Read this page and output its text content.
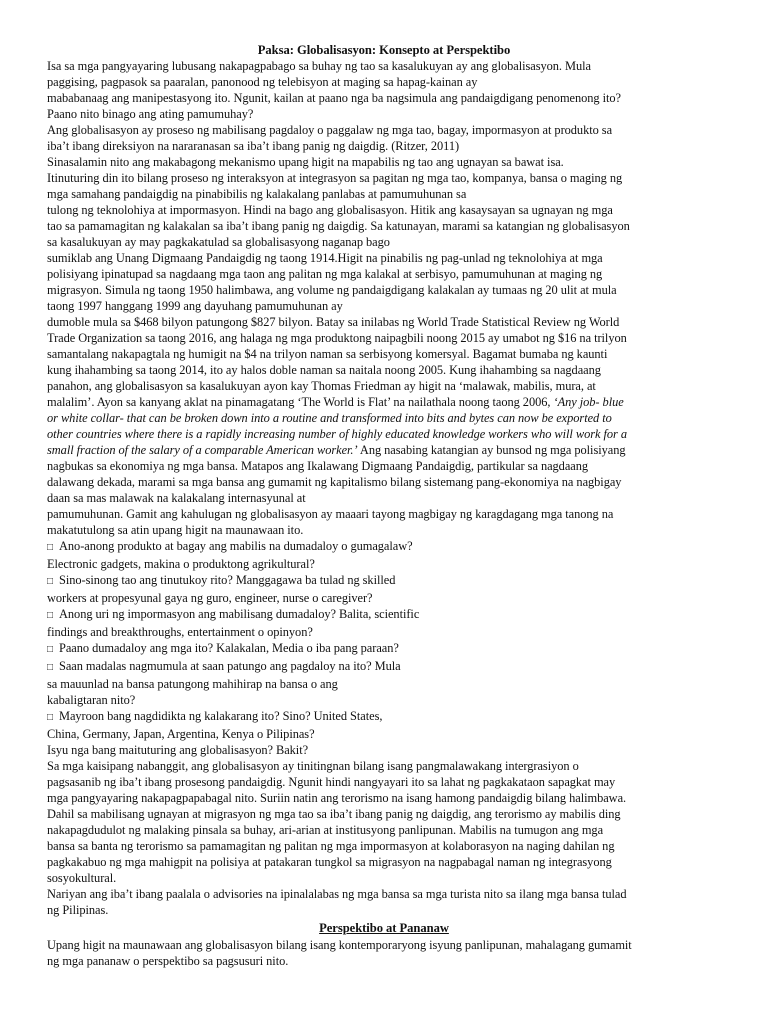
Paksa: Globalisasyon: Konsepto at Perspektibo

Isa sa mga pangyayaring lubusang nakapagpabago sa buhay ng tao sa kasalukuyan ay ang globalisasyon. Mula

paggising, pagpasok sa paaralan, panonood ng telebisyon at maging sa hapag-kainan ay

mababanaag ang manipestasyong ito. Ngunit, kailan at paano nga ba nagsimula ang pandaigdigang penomenong ito?

Paano nito binago ang ating pamumuhay?

Ang globalisasyon ay proseso ng mabilisang pagdaloy o paggalaw ng mga tao, bagay, impormasyon at produkto sa

iba’t ibang direksiyon na nararanasan sa iba’t ibang panig ng daigdig. (Ritzer, 2011)

Sinasalamin nito ang makabagong mekanismo upang higit na mapabilis ng tao ang ugnayan sa bawat isa.

Itinuturing din ito bilang proseso ng interaksyon at integrasyon sa pagitan ng mga tao, kompanya, bansa o maging ng

mga samahang pandaigdig na pinabibilis ng kalakalang panlabas at pamumuhunan sa

tulong ng teknolohiya at impormasyon. Hindi na bago ang globalisasyon. Hitik ang kasaysayan sa ugnayan ng mga

tao sa pamamagitan ng kalakalan sa iba’t ibang panig ng daigdig. Sa katunayan, marami sa katangian ng globalisasyon

sa kasalukuyan ay may pagkakatulad sa globalisasyong naganap bago

sumiklab ang Unang Digmaang Pandaigdig ng taong 1914.Higit na pinabilis ng pag-unlad ng teknolohiya at mga

polisiyang ipinatupad sa nagdaang mga taon ang palitan ng mga kalakal at serbisyo, pamumuhunan at maging ng

migrasyon. Simula ng taong 1950 halimbawa, ang volume ng pandaigdigang kalakalan ay tumaas ng 20 ulit at mula

taong 1997 hanggang 1999 ang dayuhang pamumuhunan ay

dumoble mula sa $468 bilyon patungong $827 bilyon. Batay sa inilabas ng World Trade Statistical Review ng World

Trade Organization sa taong 2016, ang halaga ng mga produktong naipagbili noong 2015 ay umabot ng $16 na trilyon

samantalang nakapagtala ng humigit na $4 na trilyon naman sa serbisyong komersyal. Bagamat bumaba ng kaunti

kung ihahambing sa taong 2014, ito ay halos doble naman sa naitala noong 2005. Kung ihahambing sa nagdaang

panahon, ang globalisasyon sa kasalukuyan ayon kay Thomas Friedman ay higit na ‘malawak, mabilis, mura, at

malalim’. Ayon sa kanyang aklat na pinamagatang ‘The World is Flat’ na nailathala noong taong 2006, ‘Any job- blue

or white collar- that can be broken down into a routine and transformed into bits and bytes can now be exported to

other countries where there is a rapidly increasing number of highly educated knowledge workers who will work for a

small fraction of the salary of a comparable American worker.’ Ang nasabing katangian ay bunsod ng mga polisiyang

nagbukas sa ekonomiya ng mga bansa. Matapos ang Ikalawang Digmaang Pandaigdig, partikular sa nagdaang

dalawang dekada, marami sa mga bansa ang gumamit ng kapitalismo bilang sistemang pang-ekonomiya na nagbigay

daan sa mas malawak na kalakalang internasyunal at

pamumuhunan. Gamit ang kahulugan ng globalisasyon ay maaari tayong magbigay ng karagdagang mga tanong na

makatutulong sa atin upang higit na maunawaan ito.

□ Ano-anong produkto at bagay ang mabilis na dumadaloy o gumagalaw?

Electronic gadgets, makina o produktong agrikultural?

□ Sino-sinong tao ang tinutukoy rito? Manggagawa ba tulad ng skilled

workers at propesyunal gaya ng guro, engineer, nurse o caregiver?

□ Anong uri ng impormasyon ang mabilisang dumadaloy? Balita, scientific

findings and breakthroughs, entertainment o opinyon?

□ Paano dumadaloy ang mga ito? Kalakalan, Media o iba pang paraan?

□ Saan madalas nagmumula at saan patungo ang pagdaloy na ito? Mula

sa mauunlad na bansa patungong mahihirap na bansa o ang

kabaligtaran nito?

□ Mayroon bang nagdidikta ng kalakarang ito? Sino? United States,

China, Germany, Japan, Argentina, Kenya o Pilipinas?

Isyu nga bang maituturing ang globalisasyon? Bakit?

Sa mga kaisipang nabanggit, ang globalisasyon ay tinitingnan bilang isang pangmalawakang intergrasiyon o

pagsasanib ng iba’t ibang prosesong pandaigdig. Ngunit hindi nangyayari ito sa lahat ng pagkakataon sapagkat may

mga pangyayaring nakapagpapabagal nito. Suriin natin ang terorismo na isang hamong pandaigdig bilang halimbawa.

Dahil sa mabilisang ugnayan at migrasyon ng mga tao sa iba’t ibang panig ng daigdig, ang terorismo ay mabilis ding

nakapagdudulot ng malaking pinsala sa buhay, ari-arian at institusyong panlipunan. Mabilis na tumugon ang mga

bansa sa banta ng terorismo sa pamamagitan ng palitan ng mga impormasyon at kolaborasyon na naging dahilan ng

pagkakabuo ng mga mahigpit na polisiya at patakaran tungkol sa migrasyon na nagpabagal naman ng integrasyong

sosyokultural.

Nariyan ang iba’t ibang paalala o advisories na ipinalalabas ng mga bansa sa mga turista nito sa ilang mga bansa tulad

ng Pilipinas.

Perspektibo at Pananaw

Upang higit na maunawaan ang globalisasyon bilang isang kontemporaryong isyung panlipunan, mahalagang gumamit

ng mga pananaw o perspektibo sa pagsusuri nito.
